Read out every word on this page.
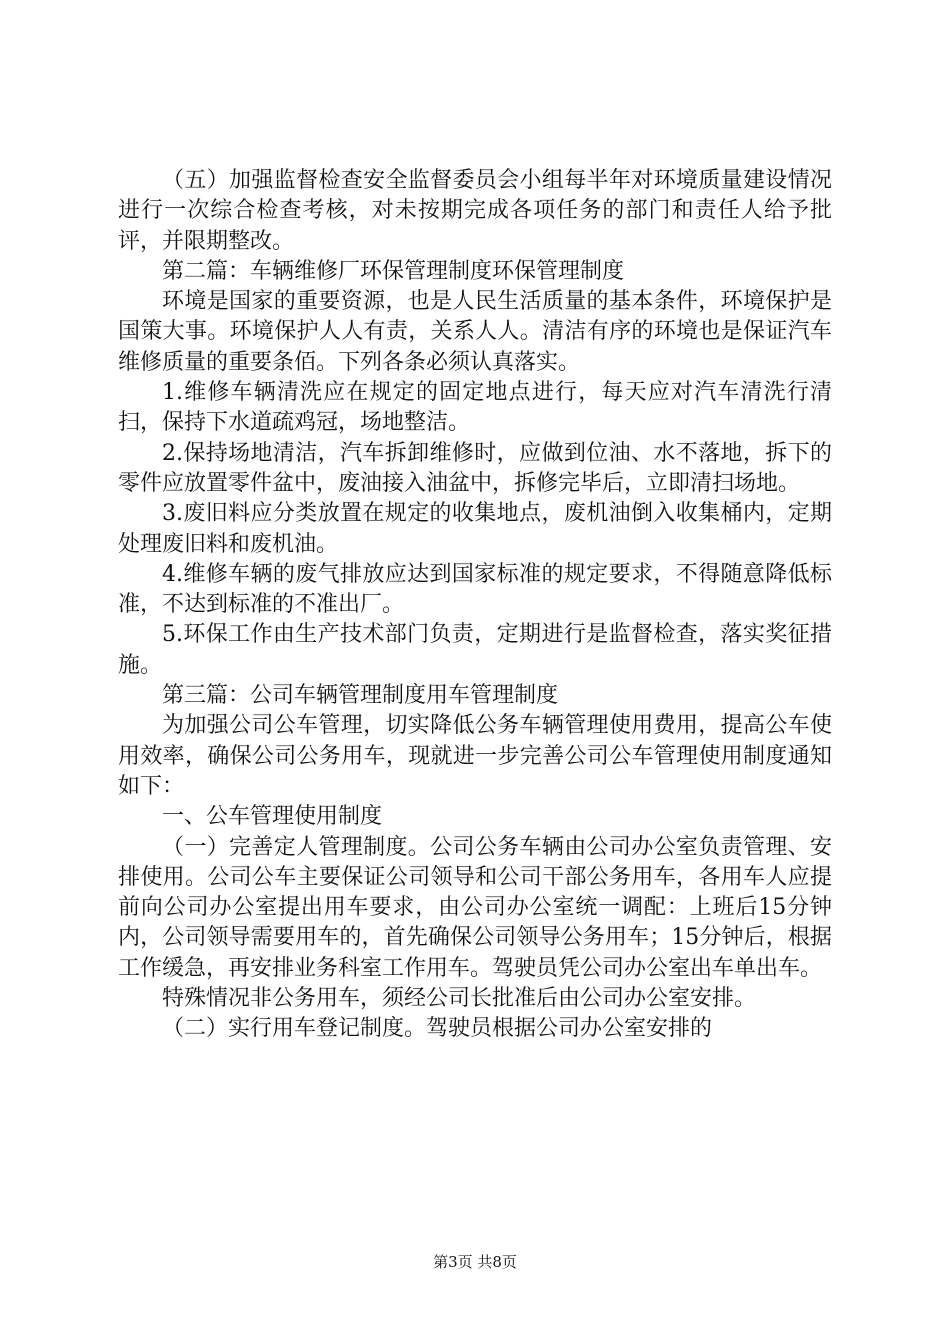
（五）加强监督检查安全监督委员会小组每半年对环境质量建设情况进行一次综合检查考核，对未按期完成各项任务的部门和责任人给予批评，并限期整改。

第二篇：车辆维修厂环保管理制度环保管理制度

环境是国家的重要资源，也是人民生活质量的基本条件，环境保护是国策大事。环境保护人人有责，关系人人。清洁有序的环境也是保证汽车维修质量的重要条佰。下列各条必须认真落实。

1.维修车辆清洗应在规定的固定地点进行，每天应对汽车清洗行清扫，保持下水道疏鸡冠，场地整洁。

2.保持场地清洁，汽车拆卸维修时，应做到位油、水不落地，拆下的零件应放置零件盆中，废油接入油盆中，拆修完毕后，立即清扫场地。

3.废旧料应分类放置在规定的收集地点，废机油倒入收集桶内，定期处理废旧料和废机油。

4.维修车辆的废气排放应达到国家标准的规定要求，不得随意降低标准，不达到标准的不准出厂。

5.环保工作由生产技术部门负责，定期进行是监督检查，落实奖征措施。

第三篇：公司车辆管理制度用车管理制度

为加强公司公车管理，切实降低公务车辆管理使用费用，提高公车使用效率，确保公司公务用车，现就进一步完善公司公车管理使用制度通知如下：

一、公车管理使用制度

（一）完善定人管理制度。公司公务车辆由公司办公室负责管理、安排使用。公司公车主要保证公司领导和公司干部公务用车，各用车人应提前向公司办公室提出用车要求，由公司办公室统一调配：上班后15分钟内，公司领导需要用车的，首先确保公司领导公务用车；15分钟后，根据工作缓急，再安排业务科室工作用车。驾驶员凭公司办公室出车单出车。

特殊情况非公务用车，须经公司长批准后由公司办公室安排。

（二）实行用车登记制度。驾驶员根据公司办公室安排的

第3页 共8页
